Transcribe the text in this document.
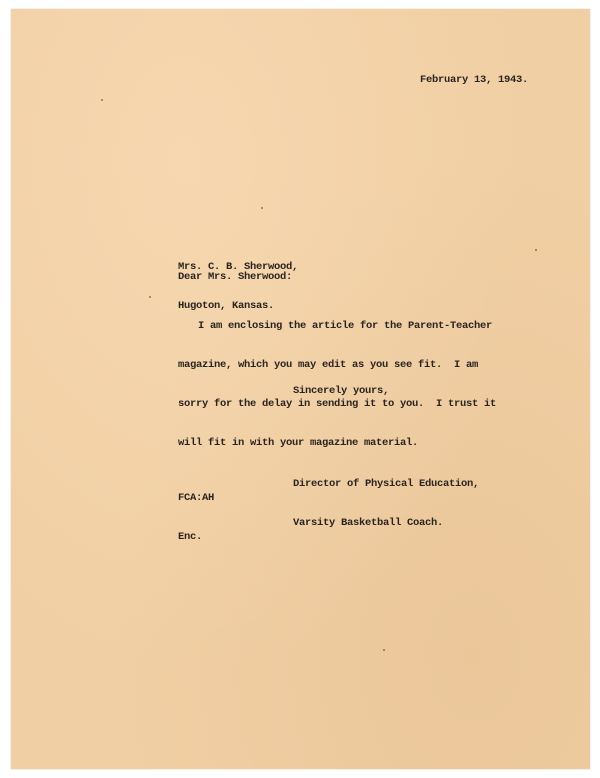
February 13, 1943.

Mrs. C. B. Sherwood,

Hugoton, Kansas.

Dear Mrs. Sherwood:

I am enclosing the article for the Parent-Teacher

magazine, which you may edit as you see fit.  I am

sorry for the delay in sending it to you.  I trust it

will fit in with your magazine material.

Sincerely yours,

Director of Physical Education,

Varsity Basketball Coach.

FCA:AH

Enc.
